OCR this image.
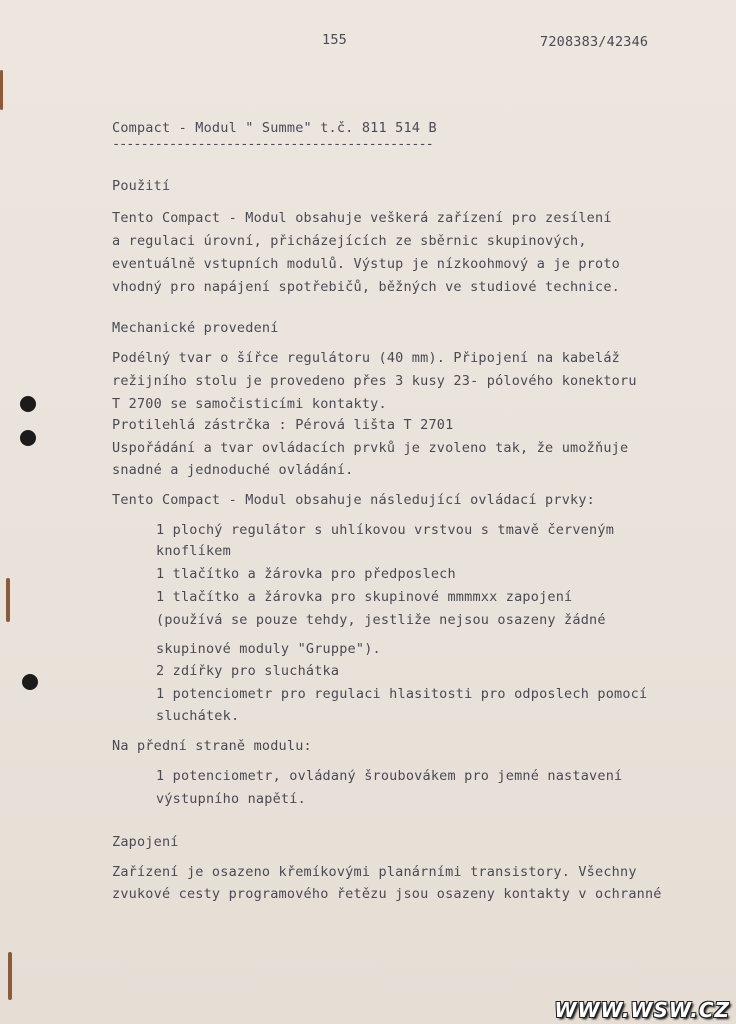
155	7208383/42346
Compact - Modul " Summe" t.č. 811 514 B
---------------------------------------------
Použití
Tento Compact - Modul obsahuje veškerá zařízení pro zesílení
a regulaci úrovní, přicházejících ze sběrnic skupinových,
eventuálně vstupních modulů. Výstup je nízkoohmový a je proto
vhodný pro napájení spotřebičů, běžných ve studiové technice.
Mechanické provedení
Podélný tvar o šířce regulátoru (40 mm). Připojení na kabeláž
režijního stolu je provedeno přes 3 kusy 23- pólového konektoru
T 2700 se samočisticími kontakty.
Protilehlá zástrčka : Pérová lišta T 2701
Uspořádání a tvar ovládacích prvků je zvoleno tak, že umožňuje
snadné a jednoduché ovládání.
Tento Compact - Modul obsahuje následující ovládací prvky:
1 plochý regulátor s uhlíkovou vrstvou s tmavě červeným
knoflíkem
1 tlačítko a žárovka pro předposlech
1 tlačítko a žárovka pro skupinové mmmmxx zapojení
(používá se pouze tehdy, jestliže nejsou osazeny žádné
skupinové moduly "Gruppe").
2 zdířky pro sluchátka
1 potenciometr pro regulaci hlasitosti pro odposlech pomocí
sluchátek.
Na přední straně modulu:
1 potenciometr, ovládaný šroubovákem pro jemné nastavení
výstupního napětí.
Zapojení
Zařízení je osazeno křemíkovými planárními transistory. Všechny
zvukové cesty programového řetězu jsou osazeny kontakty v ochranné
WWW.WSW.CZ
